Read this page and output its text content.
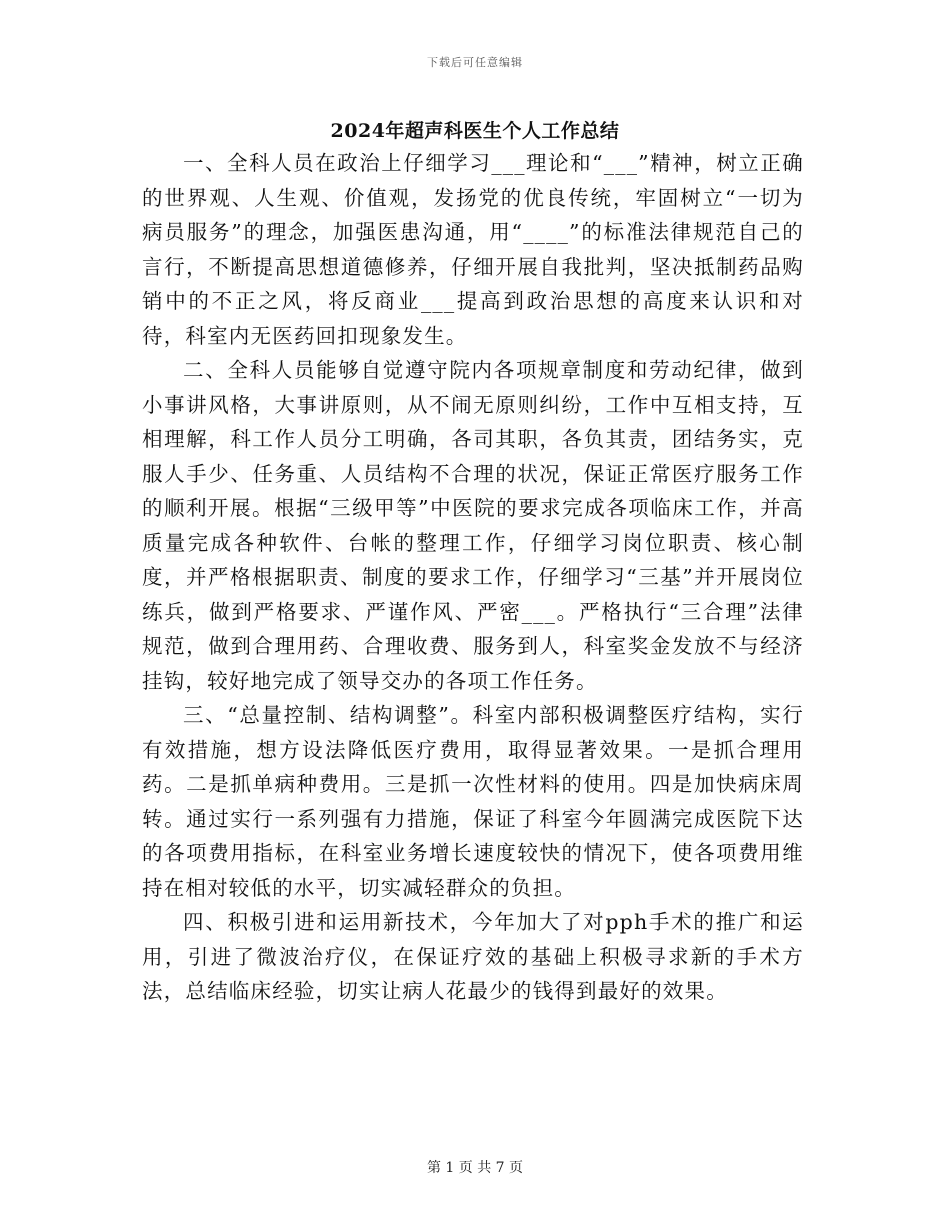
下载后可任意编辑
2024年超声科医生个人工作总结

一、全科人员在政治上仔细学习___理论和“___”精神，树立正确的世界观、人生观、价值观，发扬党的优良传统，牢固树立“一切为病员服务”的理念，加强医患沟通，用“____”的标准法律规范自己的言行，不断提高思想道德修养，仔细开展自我批判，坚决抵制药品购销中的不正之风，将反商业___提高到政治思想的高度来认识和对待，科室内无医药回扣现象发生。

二、全科人员能够自觉遵守院内各项规章制度和劳动纪律，做到小事讲风格，大事讲原则，从不闹无原则纠纷，工作中互相支持，互相理解，科工作人员分工明确，各司其职，各负其责，团结务实，克服人手少、任务重、人员结构不合理的状况，保证正常医疗服务工作的顺利开展。根据“三级甲等”中医院的要求完成各项临床工作，并高质量完成各种软件、台帐的整理工作，仔细学习岗位职责、核心制度，并严格根据职责、制度的要求工作，仔细学习“三基”并开展岗位练兵，做到严格要求、严谨作风、严密___。严格执行“三合理”法律规范，做到合理用药、合理收费、服务到人，科室奖金发放不与经济挂钩，较好地完成了领导交办的各项工作任务。

三、“总量控制、结构调整”。科室内部积极调整医疗结构，实行有效措施，想方设法降低医疗费用，取得显著效果。一是抓合理用药。二是抓单病种费用。三是抓一次性材料的使用。四是加快病床周转。通过实行一系列强有力措施，保证了科室今年圆满完成医院下达的各项费用指标，在科室业务增长速度较快的情况下，使各项费用维持在相对较低的水平，切实减轻群众的负担。

四、积极引进和运用新技术，今年加大了对pph手术的推广和运用，引进了微波治疗仪，在保证疗效的基础上积极寻求新的手术方法，总结临床经验，切实让病人花最少的钱得到最好的效果。

第 1 页 共 7 页
